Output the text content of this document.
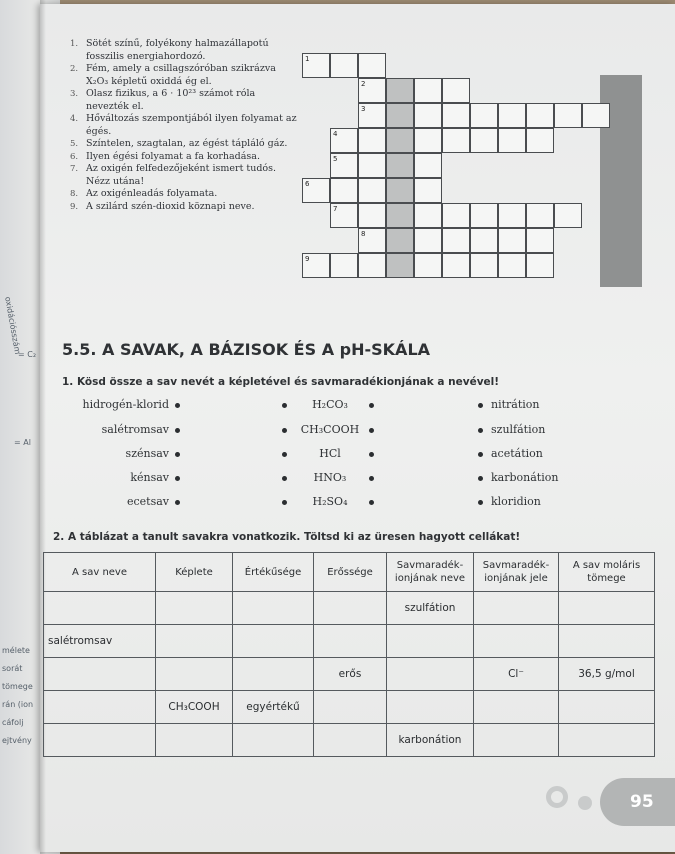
oxidációsszám
= C₂
= Al
mélete
sorát
tömege
rán (ion
cáfolj
ejtvény
1. Sötét színű, folyékony halmazállapotú fosszilis energiahordozó.
2. Fém, amely a csillagszóróban szikrázva X₂O₃ képletű oxiddá ég el.
3. Olasz fizikus, a 6 · 10²³ számot róla nevezték el.
4. Hőváltozás szempontjából ilyen folyamat az égés.
5. Színtelen, szagtalan, az égést tápláló gáz.
6. Ilyen égési folyamat a fa korhadása.
7. Az oxigén felfedezőjeként ismert tudós. Nézz utána!
8. Az oxigénleadás folyamata.
9. A szilárd szén-dioxid köznapi neve.
1
2
3
4
5
6
7
8
9
5.5. A SAVAK, A BÁZISOK ÉS A pH-SKÁLA
1. Kösd össze a sav nevét a képletével és savmaradékionjának a nevével!
hidrogén-klorid	H₂CO₃	nitrátion
salétromsav	CH₃COOH	szulfátion
szénsav	HCl	acetátion
kénsav	HNO₃	karbonátion
ecetsav	H₂SO₄	kloridion
2. A táblázat a tanult savakra vonatkozik. Töltsd ki az üresen hagyott cellákat!
A sav neve	Képlete	Értékűsége	Erőssége	Savmaradék-ionjának neve	Savmaradék-ionjának jele	A sav moláris tömege
				szulfátion		
salétromsav						
			erős		Cl⁻	36,5 g/mol
	CH₃COOH	egyértékű				
				karbonátion		
95
